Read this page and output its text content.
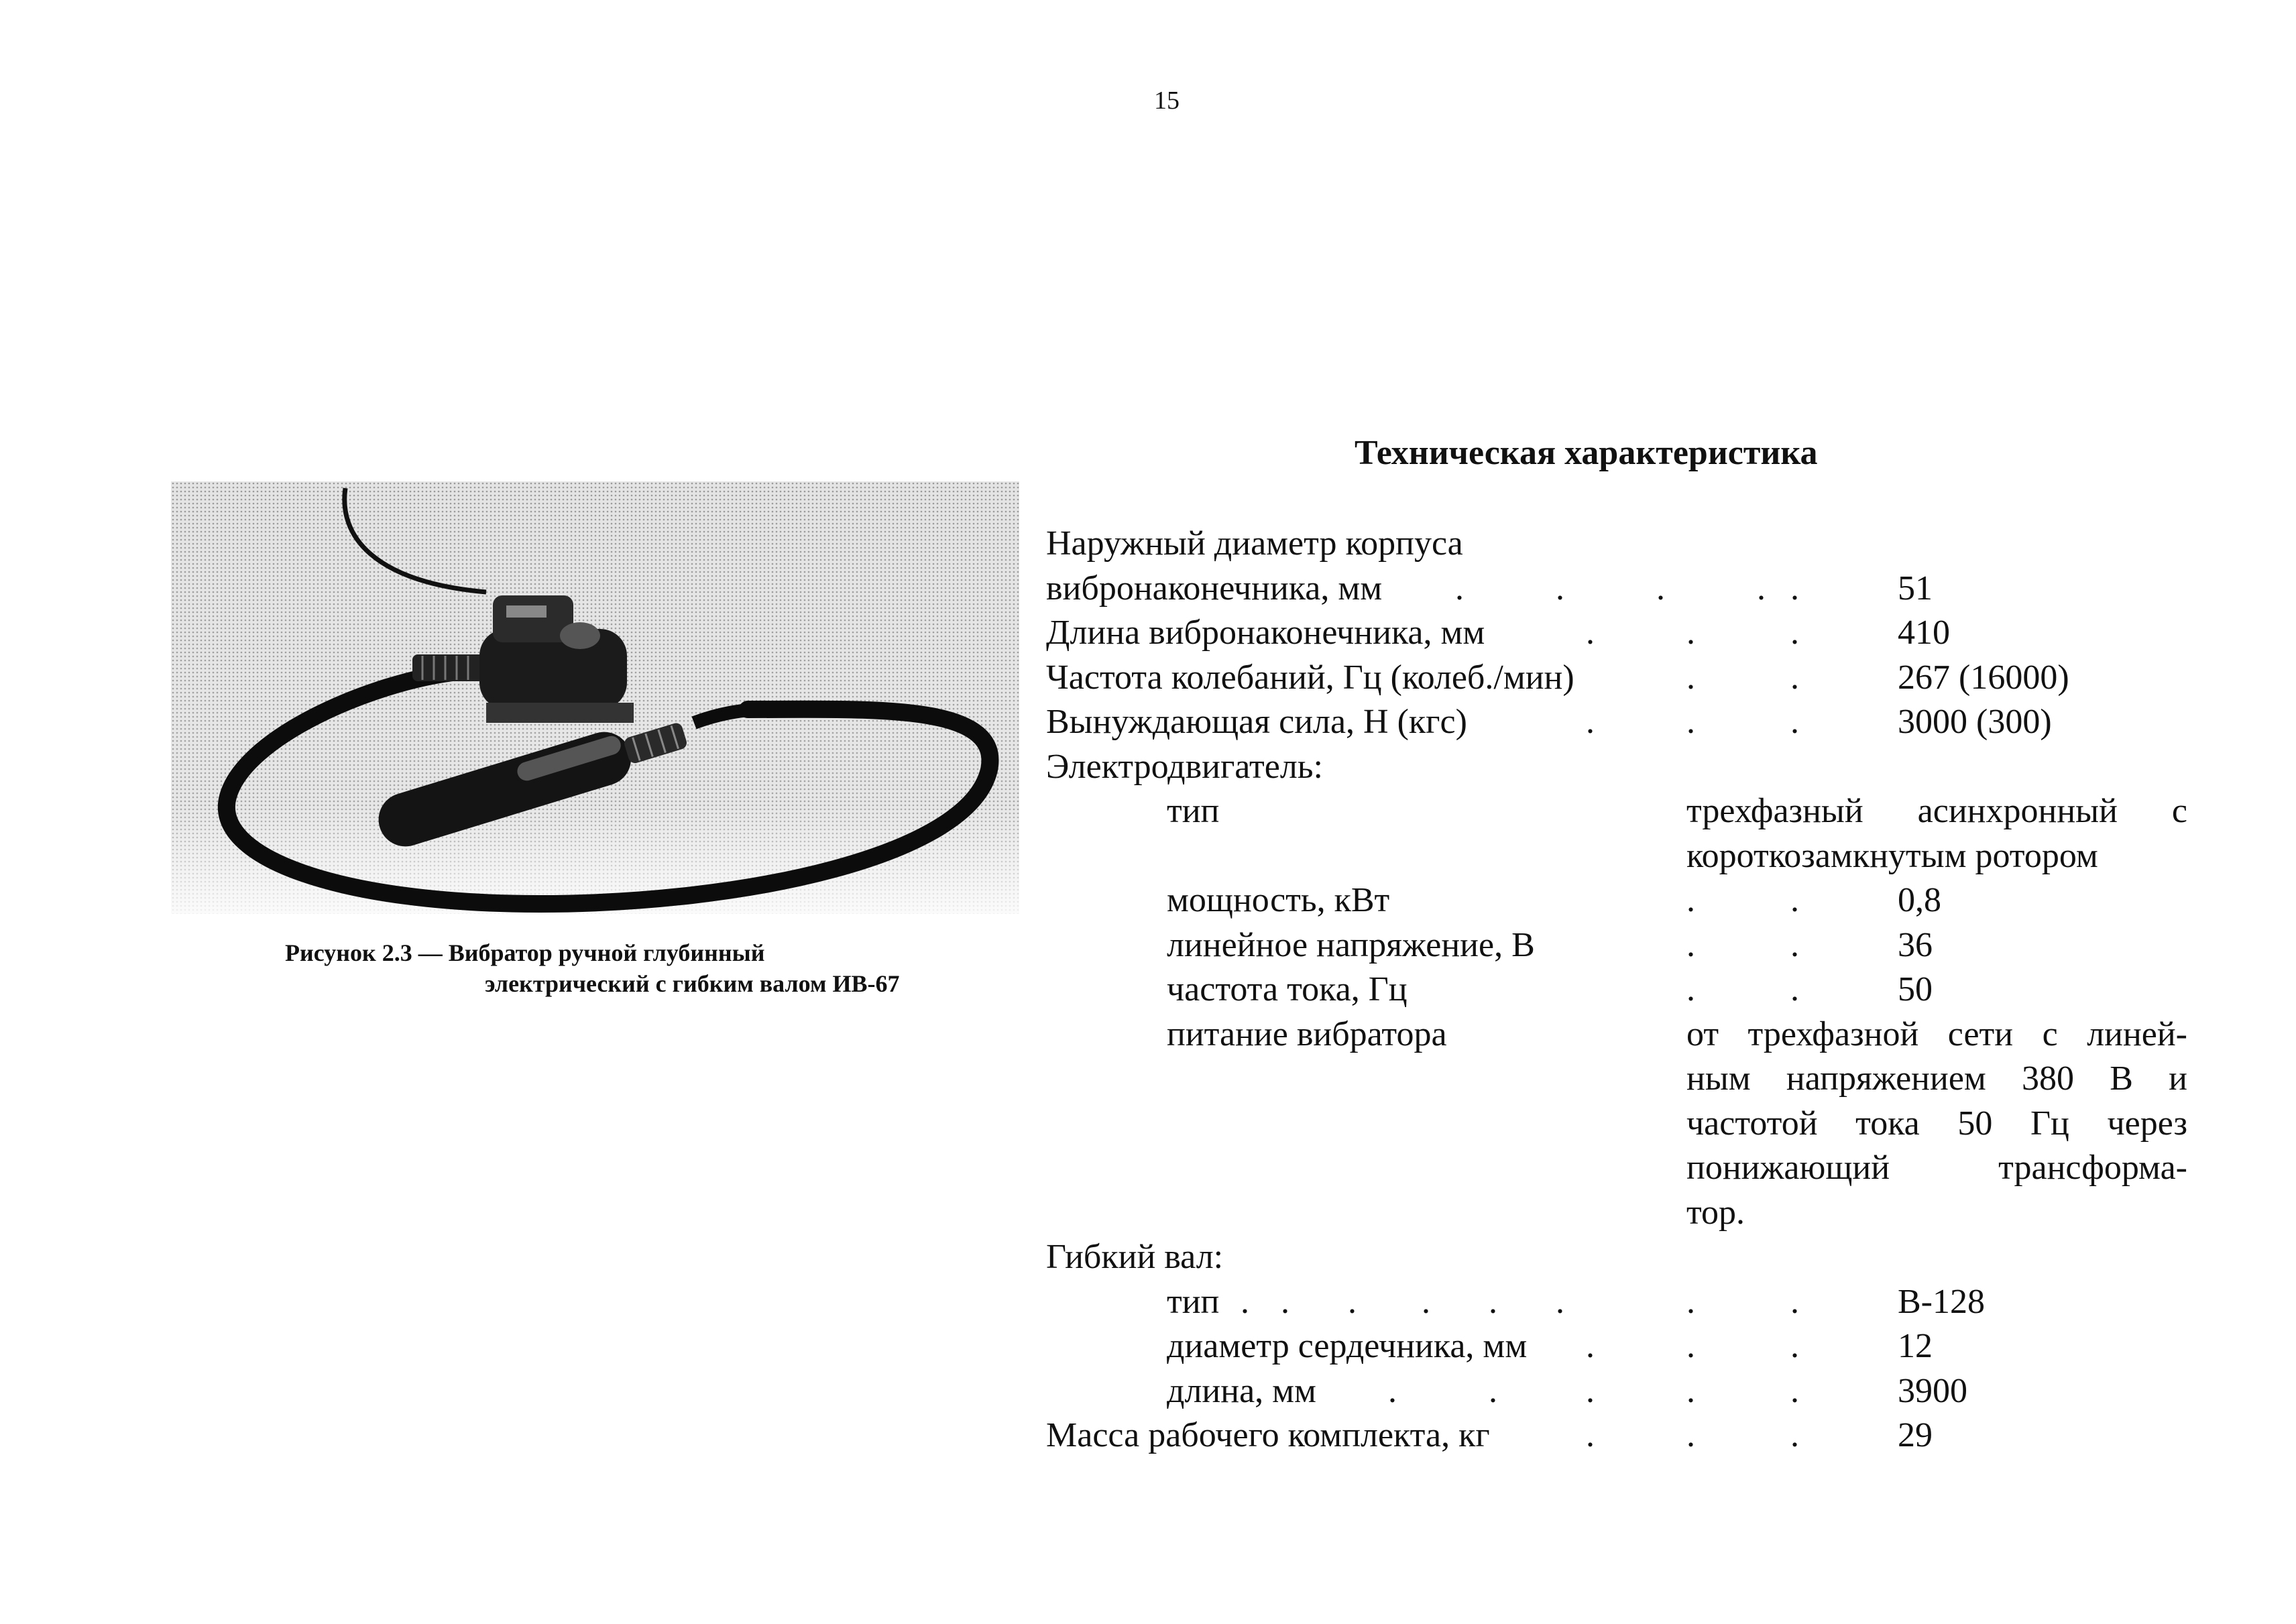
15
Рисунок 2.3 — Вибратор ручной глубинный
электрический с гибким валом ИВ-67
Техническая характеристика
Наружный диаметр корпуса
вибронаконечника, мм .	.	.	. .	51
Длина вибронаконечника, мм	.	.	.	410
Частота колебаний, Гц (колеб./мин)	.	.	267 (16000)
Вынуждающая сила, Н (кгс)	.	.	.	3000 (300)
Электродвигатель:
тип	трехфазный асинхронный с
короткозамкнутым ротором
мощность, кВт	.	.	0,8
линейное напряжение, В	.	.	36
частота тока, Гц	.	.	50
питание вибратора	от трехфазной сети с линей-
ным напряжением 380 В и
частотой тока 50 Гц через
понижающий трансформа-
тор.
Гибкий вал:
тип . . . . . .	.	.	В-128
диаметр сердечника, мм .	.	.	12
длина, мм .	.	.	.	.	3900
Масса рабочего комплекта, кг	.	.	.	29
